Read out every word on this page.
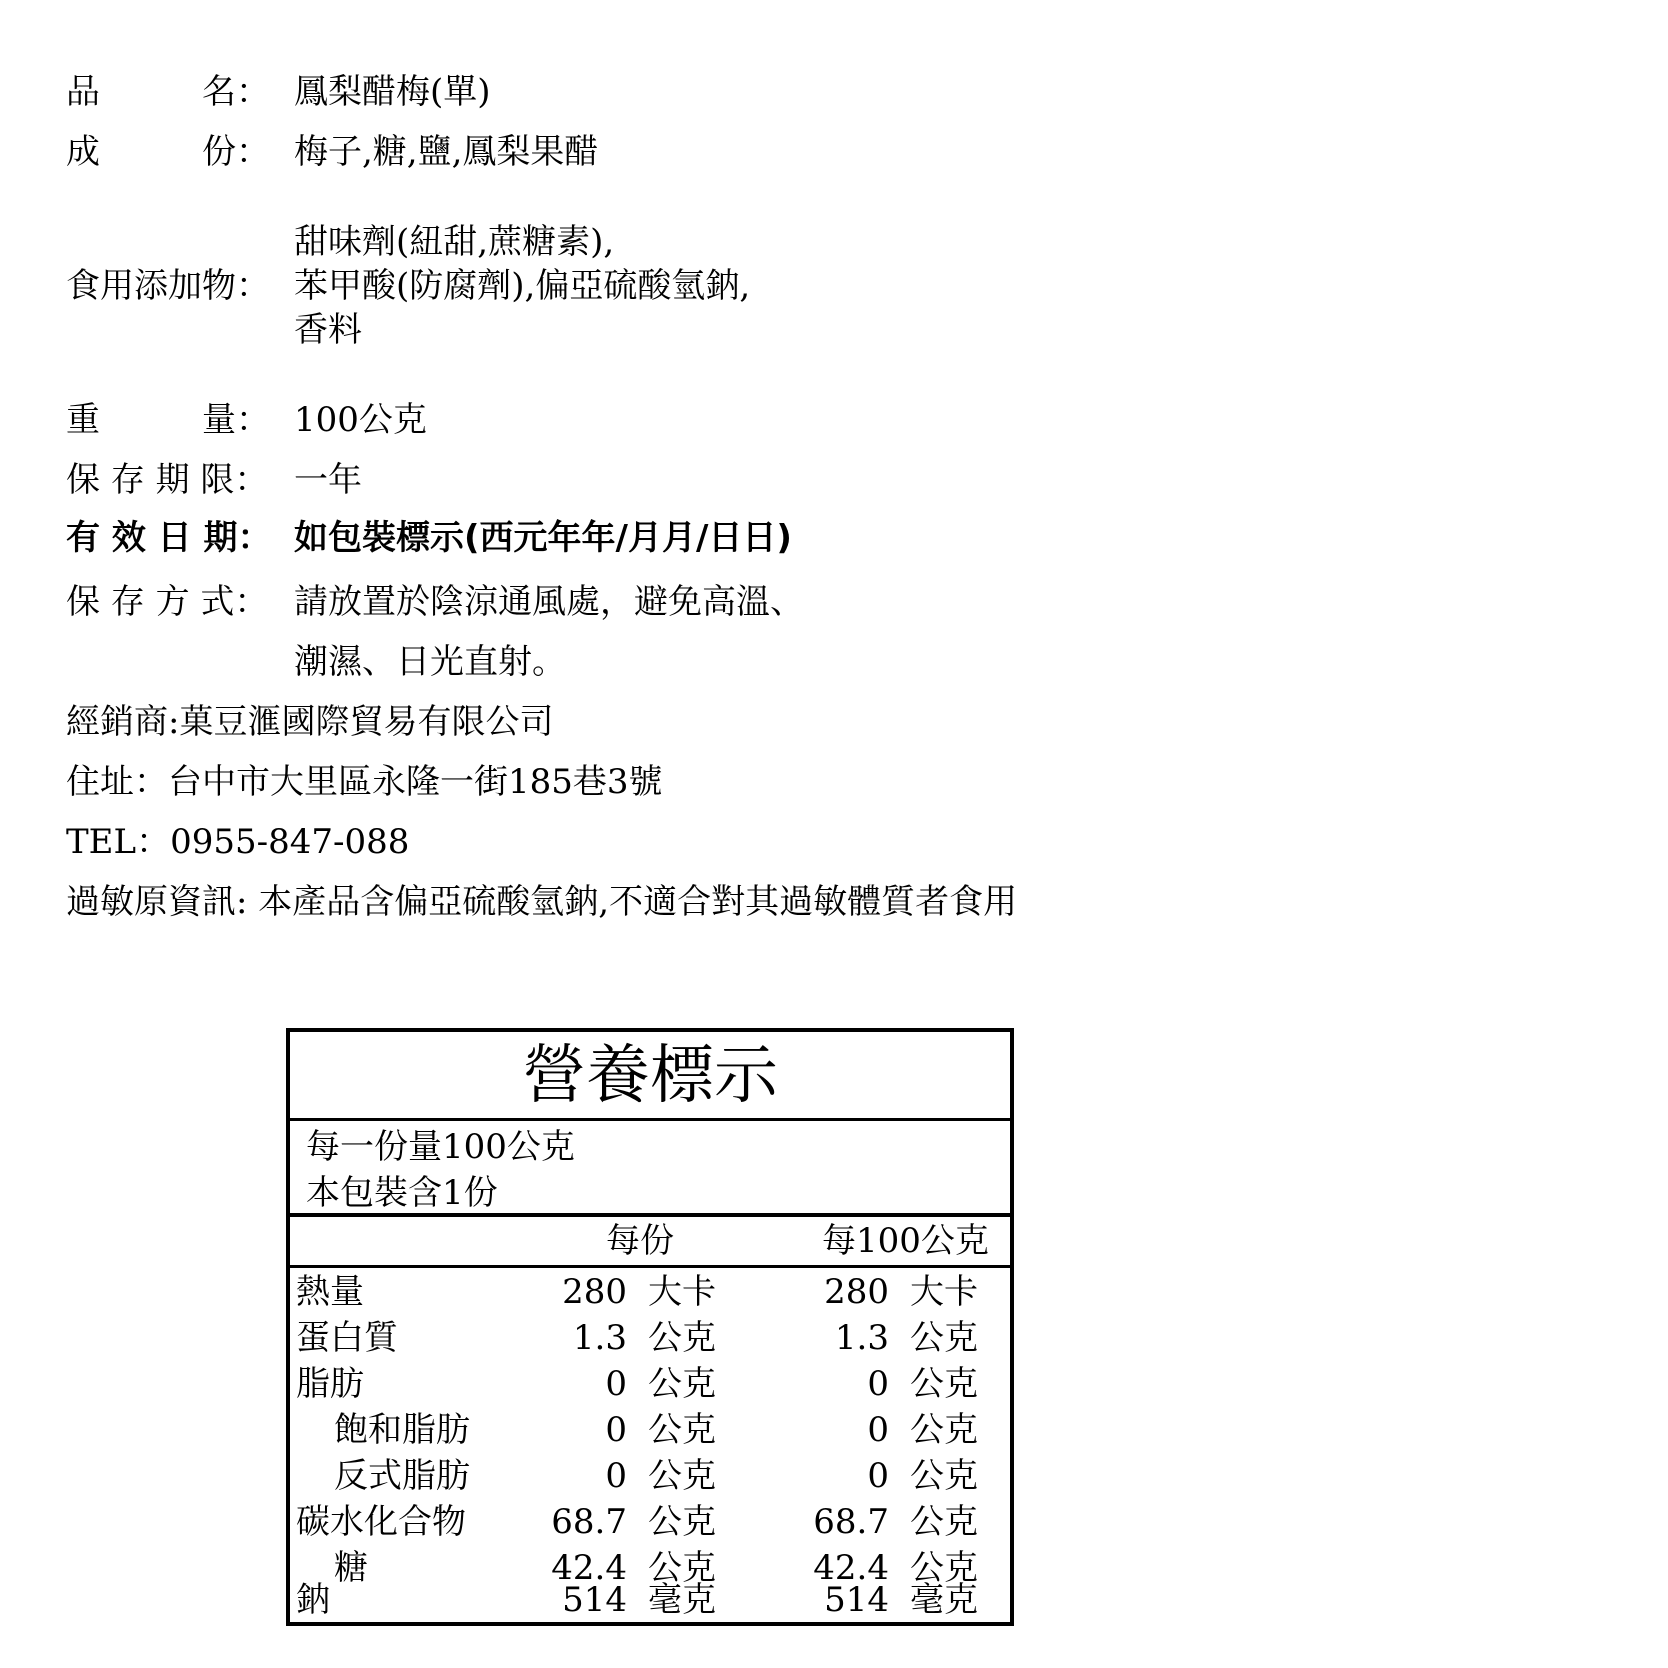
品　　　名： 鳳梨醋梅(單)
成　　　份： 梅子,糖,鹽,鳳梨果醋
甜味劑(紐甜,蔗糖素),
食用添加物： 苯甲酸(防腐劑),偏亞硫酸氫鈉,
香料
重　　　量： 100公克
保 存 期 限： 一年
有 效 日 期： 如包裝標示(西元年年/月月/日日)
保 存 方 式： 請放置於陰涼通風處，避免高溫、
潮濕、日光直射。
經銷商:菓豆滙國際貿易有限公司
住址：台中市大里區永隆一街185巷3號
TEL：0955-847-088
過敏原資訊: 本產品含偏亞硫酸氫鈉,不適合對其過敏體質者食用
營養標示
每一份量100公克
本包裝含1份
每份	每100公克
熱量	280 大卡	280 大卡
蛋白質	1.3 公克	1.3 公克
脂肪	0 公克	0 公克
飽和脂肪	0 公克	0 公克
反式脂肪	0 公克	0 公克
碳水化合物	68.7 公克	68.7 公克
糖	42.4 公克	42.4 公克
鈉	514 毫克	514 毫克
